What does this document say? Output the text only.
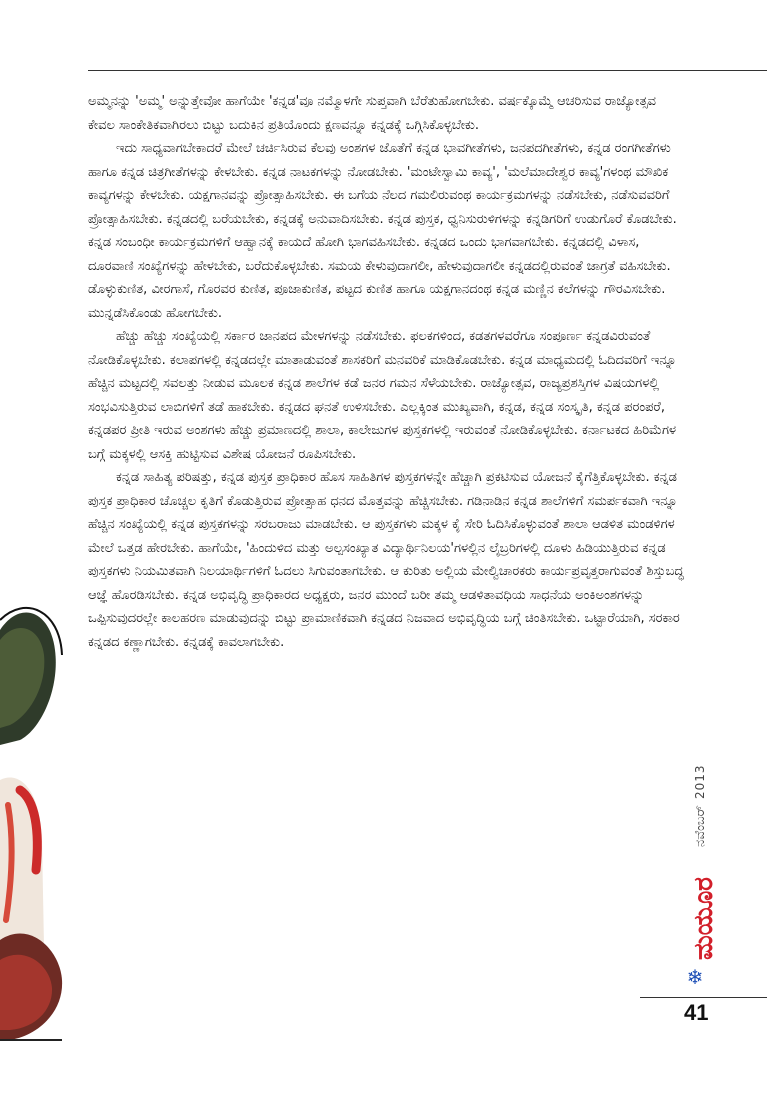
ಅಮ್ಮನನ್ನು 'ಅಮ್ಮ' ಅನ್ನುತ್ತೇವೋ ಹಾಗೆಯೇ 'ಕನ್ನಡ'ವೂ ನಮ್ಮೊಳಗೇ ಸುಪ್ತವಾಗಿ ಬೆರೆತುಹೋಗಬೇಕು. ವರ್ಷಕ್ಕೊಮ್ಮೆ ಆಚರಿಸುವ ರಾಜ್ಯೋತ್ಸವ ಕೇವಲ ಸಾಂಕೇತಿಕವಾಗಿರಲು ಬಿಟ್ಟು ಬದುಕಿನ ಪ್ರತಿಯೊಂದು ಕ್ಷಣವನ್ನೂ ಕನ್ನಡಕ್ಕೆ ಒಗ್ಗಿಸಿಕೊಳ್ಳಬೇಕು.

ಇದು ಸಾಧ್ಯವಾಗಬೇಕಾದರೆ ಮೇಲೆ ಚರ್ಚಿಸಿರುವ ಕೆಲವು ಅಂಶಗಳ ಜೊತೆಗೆ ಕನ್ನಡ ಭಾವಗೀತೆಗಳು, ಜನಪದಗೀತೆಗಳು, ಕನ್ನಡ ರಂಗಗೀತೆಗಳು ಹಾಗೂ ಕನ್ನಡ ಚಿತ್ರಗೀತೆಗಳನ್ನು ಕೇಳಬೇಕು. ಕನ್ನಡ ನಾಟಕಗಳನ್ನು ನೋಡಬೇಕು. 'ಮಂಟೇಸ್ವಾಮಿ ಕಾವ್ಯ', 'ಮಲೆಮಾದೇಶ್ವರ ಕಾವ್ಯ'ಗಳಂಥ ಮೌಖಿಕ ಕಾವ್ಯಗಳನ್ನು ಕೇಳಬೇಕು. ಯಕ್ಷಗಾನವನ್ನು ಪ್ರೋತ್ಸಾಹಿಸಬೇಕು. ಈ ಬಗೆಯ ನೆಲದ ಗಮಲಿರುವಂಥ ಕಾರ್ಯಕ್ರಮಗಳನ್ನು ನಡೆಸಬೇಕು, ನಡೆಸುವವರಿಗೆ ಪ್ರೋತ್ಸಾಹಿಸಬೇಕು. ಕನ್ನಡದಲ್ಲಿ ಬರೆಯಬೇಕು, ಕನ್ನಡಕ್ಕೆ ಅನುವಾದಿಸಬೇಕು. ಕನ್ನಡ ಪುಸ್ತಕ, ಧ್ವನಿಸುರುಳಿಗಳನ್ನು ಕನ್ನಡಿಗರಿಗೆ ಉಡುಗೊರೆ ಕೊಡಬೇಕು. ಕನ್ನಡ ಸಂಬಂಧೀ ಕಾರ್ಯಕ್ರಮಗಳಿಗೆ ಆಹ್ವಾನಕ್ಕೆ ಕಾಯದೆ ಹೋಗಿ ಭಾಗವಹಿಸಬೇಕು. ಕನ್ನಡದ ಒಂದು ಭಾಗವಾಗಬೇಕು. ಕನ್ನಡದಲ್ಲಿ ವಿಳಾಸ, ದೂರವಾಣಿ ಸಂಖ್ಯೆಗಳನ್ನು ಹೇಳಬೇಕು, ಬರೆದುಕೊಳ್ಳಬೇಕು. ಸಮಯ ಕೇಳುವುದಾಗಲೀ, ಹೇಳುವುದಾಗಲೀ ಕನ್ನಡದಲ್ಲಿರುವಂತೆ ಜಾಗ್ರತೆ ವಹಿಸಬೇಕು. ಡೊಳ್ಳುಕುಣಿತ, ವೀರಗಾಸೆ, ಗೊರವರ ಕುಣಿತ, ಪೂಜಾಕುಣಿತ, ಪಟ್ಟದ ಕುಣಿತ ಹಾಗೂ ಯಕ್ಷಗಾನದಂಥ ಕನ್ನಡ ಮಣ್ಣಿನ ಕಲೆಗಳನ್ನು ಗೌರವಿಸಬೇಕು. ಮುನ್ನಡೆಸಿಕೊಂಡು ಹೋಗಬೇಕು.

ಹೆಚ್ಚು ಹೆಚ್ಚು ಸಂಖ್ಯೆಯಲ್ಲಿ ಸರ್ಕಾರ ಜಾನಪದ ಮೇಳಗಳನ್ನು ನಡೆಸಬೇಕು. ಫಲಕಗಳಿಂದ, ಕಡತಗಳವರೆಗೂ ಸಂಪೂರ್ಣ ಕನ್ನಡವಿರುವಂತೆ ನೋಡಿಕೊಳ್ಳಬೇಕು. ಕಲಾಪಗಳಲ್ಲಿ ಕನ್ನಡದಲ್ಲೇ ಮಾತಾಡುವಂತೆ ಶಾಸಕರಿಗೆ ಮನವರಿಕೆ ಮಾಡಿಕೊಡಬೇಕು. ಕನ್ನಡ ಮಾಧ್ಯಮದಲ್ಲಿ ಓದಿದವರಿಗೆ ಇನ್ನೂ ಹೆಚ್ಚಿನ ಮಟ್ಟದಲ್ಲಿ ಸವಲತ್ತು ನೀಡುವ ಮೂಲಕ ಕನ್ನಡ ಶಾಲೆಗಳ ಕಡೆ ಜನರ ಗಮನ ಸೆಳೆಯಬೇಕು. ರಾಜ್ಯೋತ್ಸವ, ರಾಜ್ಯಪ್ರಶಸ್ತಿಗಳ ವಿಷಯಗಳಲ್ಲಿ ಸಂಭವಿಸುತ್ತಿರುವ ಲಾಬಿಗಳಿಗೆ ತಡೆ ಹಾಕಬೇಕು. ಕನ್ನಡದ ಘನತೆ ಉಳಿಸಬೇಕು. ಎಲ್ಲಕ್ಕಿಂತ ಮುಖ್ಯವಾಗಿ, ಕನ್ನಡ, ಕನ್ನಡ ಸಂಸ್ಕೃತಿ, ಕನ್ನಡ ಪರಂಪರೆ, ಕನ್ನಡಪರ ಪ್ರೀತಿ ಇರುವ ಅಂಶಗಳು ಹೆಚ್ಚು ಪ್ರಮಾಣದಲ್ಲಿ ಶಾಲಾ, ಕಾಲೇಜುಗಳ ಪುಸ್ತಕಗಳಲ್ಲಿ ಇರುವಂತೆ ನೋಡಿಕೊಳ್ಳಬೇಕು. ಕರ್ನಾಟಕದ ಹಿರಿಮೆಗಳ ಬಗ್ಗೆ ಮಕ್ಕಳಲ್ಲಿ ಆಸಕ್ತಿ ಹುಟ್ಟಿಸುವ ವಿಶೇಷ ಯೋಜನೆ ರೂಪಿಸಬೇಕು.

ಕನ್ನಡ ಸಾಹಿತ್ಯ ಪರಿಷತ್ತು, ಕನ್ನಡ ಪುಸ್ತಕ ಪ್ರಾಧಿಕಾರ ಹೊಸ ಸಾಹಿತಿಗಳ ಪುಸ್ತಕಗಳನ್ನೇ ಹೆಚ್ಚಾಗಿ ಪ್ರಕಟಿಸುವ ಯೋಜನೆ ಕೈಗೆತ್ತಿಕೊಳ್ಳಬೇಕು. ಕನ್ನಡ ಪುಸ್ತಕ ಪ್ರಾಧಿಕಾರ ಚೊಚ್ಚಲ ಕೃತಿಗೆ ಕೊಡುತ್ತಿರುವ ಪ್ರೋತ್ಸಾಹ ಧನದ ಮೊತ್ತವನ್ನು ಹೆಚ್ಚಿಸಬೇಕು. ಗಡಿನಾಡಿನ ಕನ್ನಡ ಶಾಲೆಗಳಿಗೆ ಸಮರ್ಪಕವಾಗಿ ಇನ್ನೂ ಹೆಚ್ಚಿನ ಸಂಖ್ಯೆಯಲ್ಲಿ ಕನ್ನಡ ಪುಸ್ತಕಗಳನ್ನು ಸರಬರಾಜು ಮಾಡಬೇಕು. ಆ ಪುಸ್ತಕಗಳು ಮಕ್ಕಳ ಕೈ ಸೇರಿ ಓದಿಸಿಕೊಳ್ಳುವಂತೆ ಶಾಲಾ ಆಡಳಿತ ಮಂಡಳಿಗಳ ಮೇಲೆ ಒತ್ತಡ ಹೇರಬೇಕು. ಹಾಗೆಯೇ, 'ಹಿಂದುಳಿದ ಮತ್ತು ಅಲ್ಪಸಂಖ್ಯಾತ ವಿದ್ಯಾರ್ಥಿನಿಲಯ'ಗಳಲ್ಲಿನ ಲೈಬ್ರರಿಗಳಲ್ಲಿ ದೂಳು ಹಿಡಿಯುತ್ತಿರುವ ಕನ್ನಡ ಪುಸ್ತಕಗಳು ನಿಯಮಿತವಾಗಿ ನಿಲಯಾರ್ಥಿಗಳಿಗೆ ಓದಲು ಸಿಗುವಂತಾಗಬೇಕು. ಆ ಕುರಿತು ಅಲ್ಲಿಯ ಮೇಲ್ವಿಚಾರಕರು ಕಾರ್ಯಪ್ರವೃತ್ತರಾಗುವಂತೆ ಶಿಸ್ತುಬದ್ಧ ಆಜ್ಞೆ ಹೊರಡಿಸಬೇಕು. ಕನ್ನಡ ಅಭಿವೃದ್ಧಿ ಪ್ರಾಧಿಕಾರದ ಅಧ್ಯಕ್ಷರು, ಜನರ ಮುಂದೆ ಬರೀ ತಮ್ಮ ಆಡಳಿತಾವಧಿಯ ಸಾಧನೆಯ ಅಂಕಿಅಂಶಗಳನ್ನು ಒಪ್ಪಿಸುವುದರಲ್ಲೇ ಕಾಲಹರಣ ಮಾಡುವುದನ್ನು ಬಿಟ್ಟು ಪ್ರಾಮಾಣಿಕವಾಗಿ ಕನ್ನಡದ ನಿಜವಾದ ಅಭಿವೃದ್ಧಿಯ ಬಗ್ಗೆ ಚಿಂತಿಸಬೇಕು. ಒಟ್ಟಾರೆಯಾಗಿ, ಸರಕಾರ ಕನ್ನಡದ ಕಣ್ಣಾಗಬೇಕು. ಕನ್ನಡಕ್ಕೆ ಕಾವಲಾಗಬೇಕು.

ನವೆಂಬರ್
2013
ಮಯೂರ
❄
41
